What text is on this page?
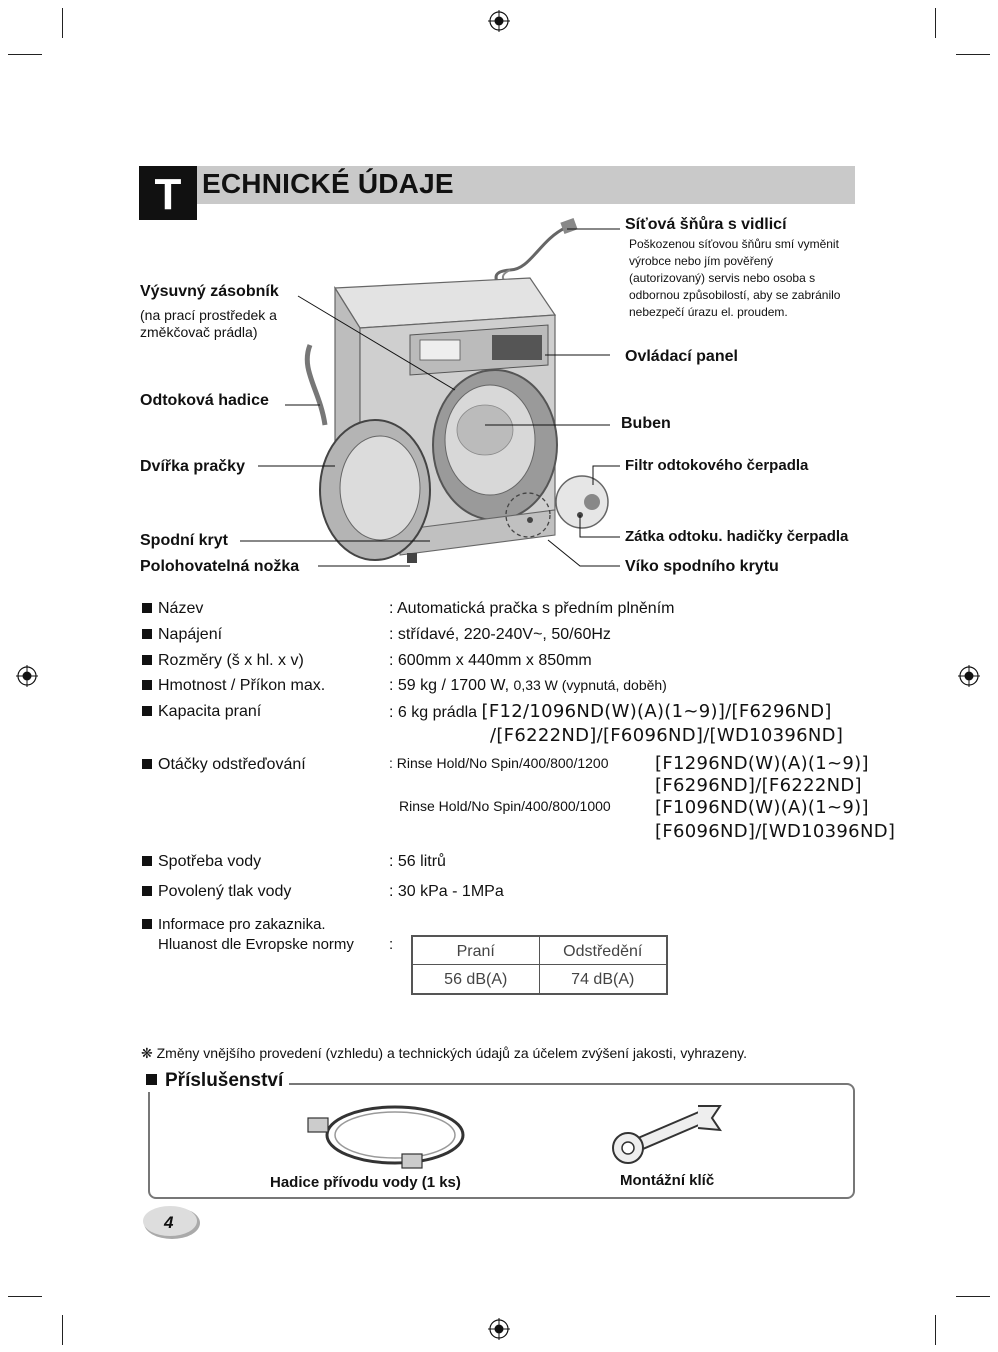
T ECHNICKÉ ÚDAJE
Síťová šňůra s vidlicí
Poškozenou síťovou šňůru smí vyměnit
výrobce nebo jím pověřený
(autorizovaný) servis nebo osoba s
odbornou způsobilostí, aby se zabránilo
nebezpečí úrazu el. proudem.
Výsuvný zásobník
(na prací prostředek a
změkčovač prádla)
Ovládací panel
Odtoková hadice
Buben
Dvířka pračky	Filtr odtokového čerpadla
Spodní kryt	Zátka odtoku. hadičky čerpadla
Polohovatelná nožka	Víko spodního krytu
Název	: Automatická pračka s předním plněním
Napájení	: střídavé, 220-240V~, 50/60Hz
Rozměry (š x hl. x v)	: 600mm x 440mm x 850mm
Hmotnost / Příkon max.	: 59 kg / 1700 W, 0,33 W (vypnutá, doběh)
Kapacita praní	: 6 kg prádla [F12/1096ND(W)(A)(1~9)]/[F6296ND]
/[F6222ND]/[F6096ND]/[WD10396ND]
Otáčky odstřeďování	: Rinse Hold/No Spin/400/800/1200	[F1296ND(W)(A)(1~9)]
[F6296ND]/[F6222ND]
Rinse Hold/No Spin/400/800/1000 [F1096ND(W)(A)(1~9)]
[F6096ND]/[WD10396ND]
Spotřeba vody	: 56 litrů
Povolený tlak vody	: 30 kPa - 1MPa
Informace pro zakaznika.
Hluanost dle Evropske normy :	Praní	Odstředění
56 dB(A)	74 dB(A)
❋ Změny vnějšího provedení (vzhledu) a technických údajů za účelem zvýšení jakosti, vyhrazeny.
Příslušenství
Hadice přívodu vody (1 ks)	Montážní klíč
4
